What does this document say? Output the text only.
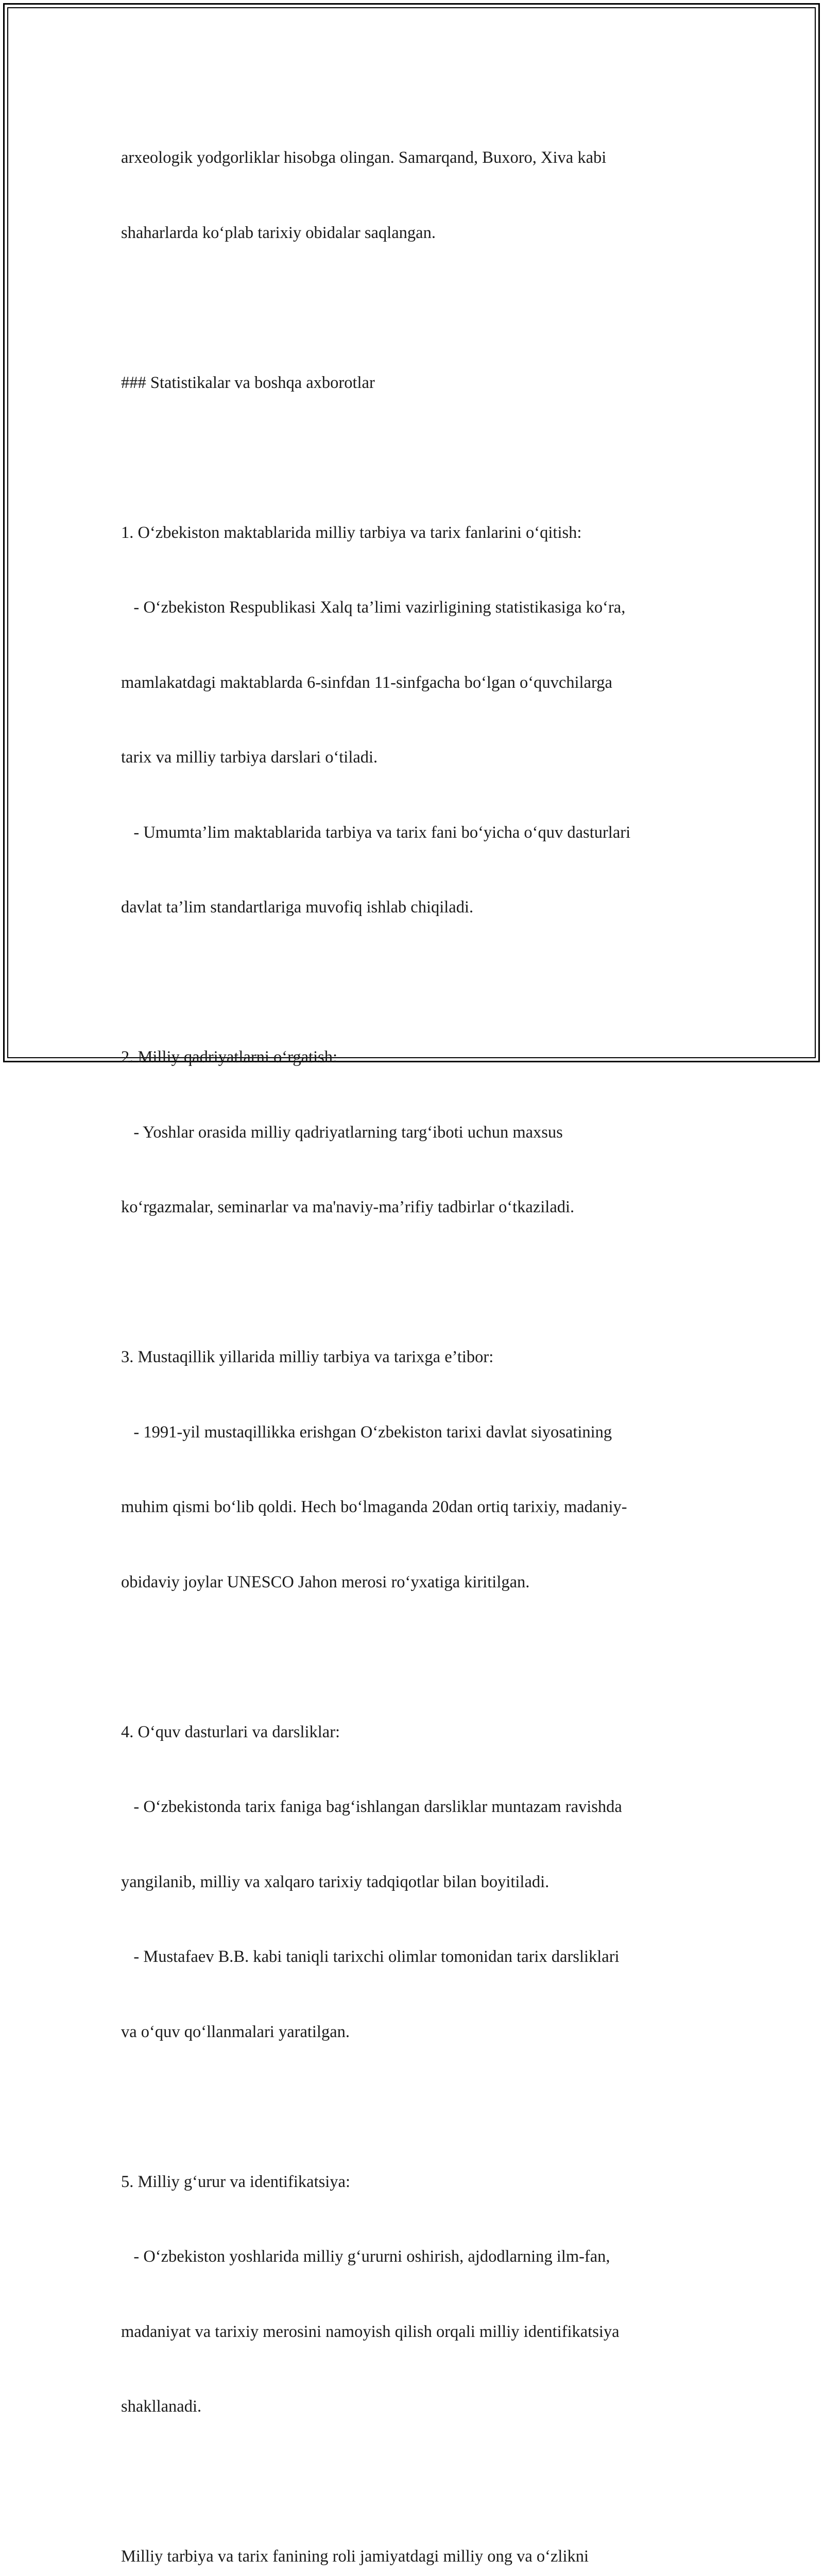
arxeologik yodgorliklar hisobga olingan. Samarqand, Buxoro, Xiva kabi

shaharlarda ko‘plab tarixiy obidalar saqlangan.

### Statistikalar va boshqa axborotlar

1. O‘zbekiston maktablarida milliy tarbiya va tarix fanlarini o‘qitish:

- O‘zbekiston Respublikasi Xalq ta’limi vazirligining statistikasiga ko‘ra,

mamlakatdagi maktablarda 6-sinfdan 11-sinfgacha bo‘lgan o‘quvchilarga

tarix va milliy tarbiya darslari o‘tiladi.

- Umumta’lim maktablarida tarbiya va tarix fani bo‘yicha o‘quv dasturlari

davlat ta’lim standartlariga muvofiq ishlab chiqiladi.

2. Milliy qadriyatlarni o‘rgatish:

- Yoshlar orasida milliy qadriyatlarning targ‘iboti uchun maxsus

ko‘rgazmalar, seminarlar va ma'naviy-ma’rifiy tadbirlar o‘tkaziladi.

3. Mustaqillik yillarida milliy tarbiya va tarixga e’tibor:

- 1991-yil mustaqillikka erishgan O‘zbekiston tarixi davlat siyosatining

muhim qismi bo‘lib qoldi. Hech bo‘lmaganda 20dan ortiq tarixiy, madaniy-

obidaviy joylar UNESCO Jahon merosi ro‘yxatiga kiritilgan.

4. O‘quv dasturlari va darsliklar:

- O‘zbekistonda tarix faniga bag‘ishlangan darsliklar muntazam ravishda

yangilanib, milliy va xalqaro tarixiy tadqiqotlar bilan boyitiladi.

- Mustafaev B.B. kabi taniqli tarixchi olimlar tomonidan tarix darsliklari

va o‘quv qo‘llanmalari yaratilgan.

5. Milliy g‘urur va identifikatsiya:

- O‘zbekiston yoshlarida milliy g‘ururni oshirish, ajdodlarning ilm-fan,

madaniyat va tarixiy merosini namoyish qilish orqali milliy identifikatsiya

shakllanadi.

Milliy tarbiya va tarix fanining roli jamiyatdagi milliy ong va o‘zlikni
